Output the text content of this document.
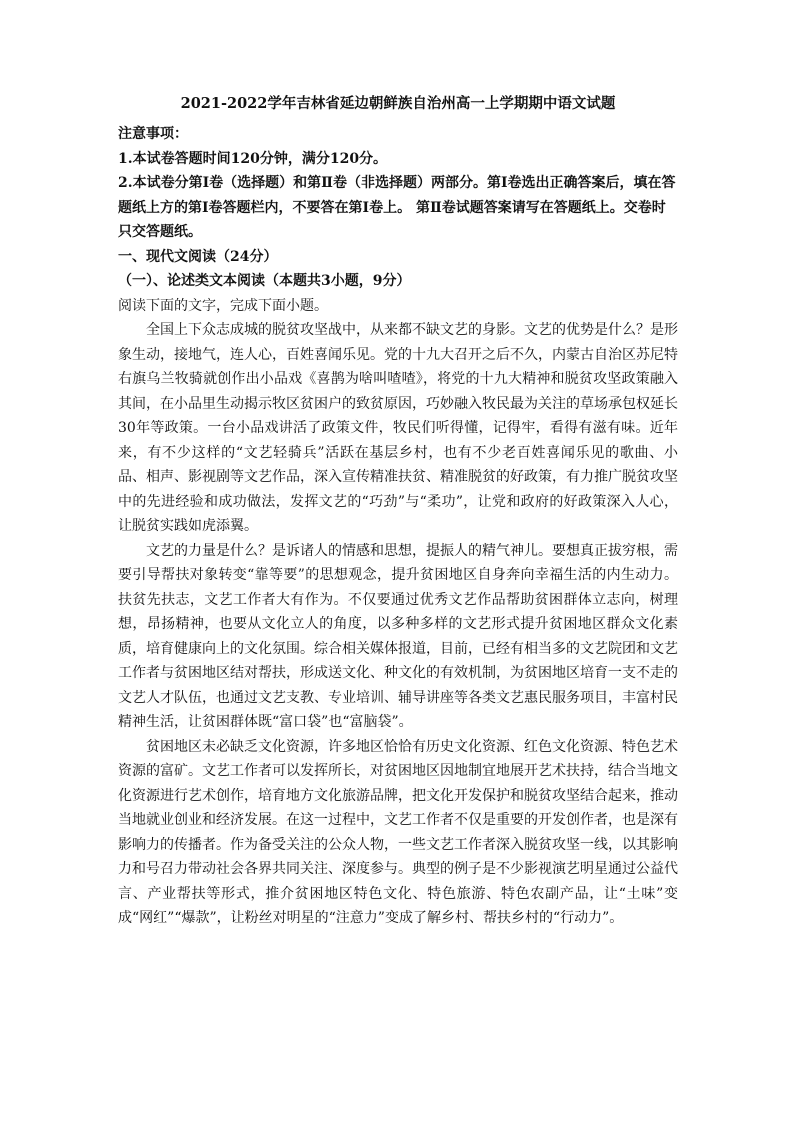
2021-2022学年吉林省延边朝鲜族自治州高一上学期期中语文试题

注意事项：

1.本试卷答题时间120分钟，满分120分。

2.本试卷分第Ⅰ卷（选择题）和第Ⅱ卷（非选择题）两部分。第Ⅰ卷选出正确答案后，填在答题纸上方的第Ⅰ卷答题栏内，不要答在第Ⅰ卷上。 第Ⅱ卷试题答案请写在答题纸上。交卷时只交答题纸。

一、现代文阅读（24分）

（一）、论述类文本阅读（本题共3小题，9分）

阅读下面的文字，完成下面小题。

全国上下众志成城的脱贫攻坚战中，从来都不缺文艺的身影。文艺的优势是什么？是形象生动，接地气，连人心，百姓喜闻乐见。党的十九大召开之后不久，内蒙古自治区苏尼特右旗乌兰牧骑就创作出小品戏《喜鹊为啥叫喳喳》，将党的十九大精神和脱贫攻坚政策融入其间，在小品里生动揭示牧区贫困户的致贫原因，巧妙融入牧民最为关注的草场承包权延长30年等政策。一台小品戏讲活了政策文件，牧民们听得懂，记得牢，看得有滋有味。近年来，有不少这样的“文艺轻骑兵”活跃在基层乡村，也有不少老百姓喜闻乐见的歌曲、小品、相声、影视剧等文艺作品，深入宣传精准扶贫、精准脱贫的好政策，有力推广脱贫攻坚中的先进经验和成功做法，发挥文艺的“巧劲”与“柔功”，让党和政府的好政策深入人心，让脱贫实践如虎添翼。

文艺的力量是什么？是诉诸人的情感和思想，提振人的精气神儿。要想真正拔穷根，需要引导帮扶对象转变“靠等要”的思想观念，提升贫困地区自身奔向幸福生活的内生动力。扶贫先扶志，文艺工作者大有作为。不仅要通过优秀文艺作品帮助贫困群体立志向，树理想，昂扬精神，也要从文化立人的角度，以多种多样的文艺形式提升贫困地区群众文化素质，培育健康向上的文化氛围。综合相关媒体报道，目前，已经有相当多的文艺院团和文艺工作者与贫困地区结对帮扶，形成送文化、种文化的有效机制，为贫困地区培育一支不走的文艺人才队伍，也通过文艺支教、专业培训、辅导讲座等各类文艺惠民服务项目，丰富村民精神生活，让贫困群体既“富口袋”也“富脑袋”。

贫困地区未必缺乏文化资源，许多地区恰恰有历史文化资源、红色文化资源、特色艺术资源的富矿。文艺工作者可以发挥所长，对贫困地区因地制宜地展开艺术扶持，结合当地文化资源进行艺术创作，培育地方文化旅游品牌，把文化开发保护和脱贫攻坚结合起来，推动当地就业创业和经济发展。在这一过程中，文艺工作者不仅是重要的开发创作者，也是深有影响力的传播者。作为备受关注的公众人物，一些文艺工作者深入脱贫攻坚一线，以其影响力和号召力带动社会各界共同关注、深度参与。典型的例子是不少影视演艺明星通过公益代言、产业帮扶等形式，推介贫困地区特色文化、特色旅游、特色农副产品，让“土味”变成“网红”“爆款”，让粉丝对明星的“注意力”变成了解乡村、帮扶乡村的“行动力”。
